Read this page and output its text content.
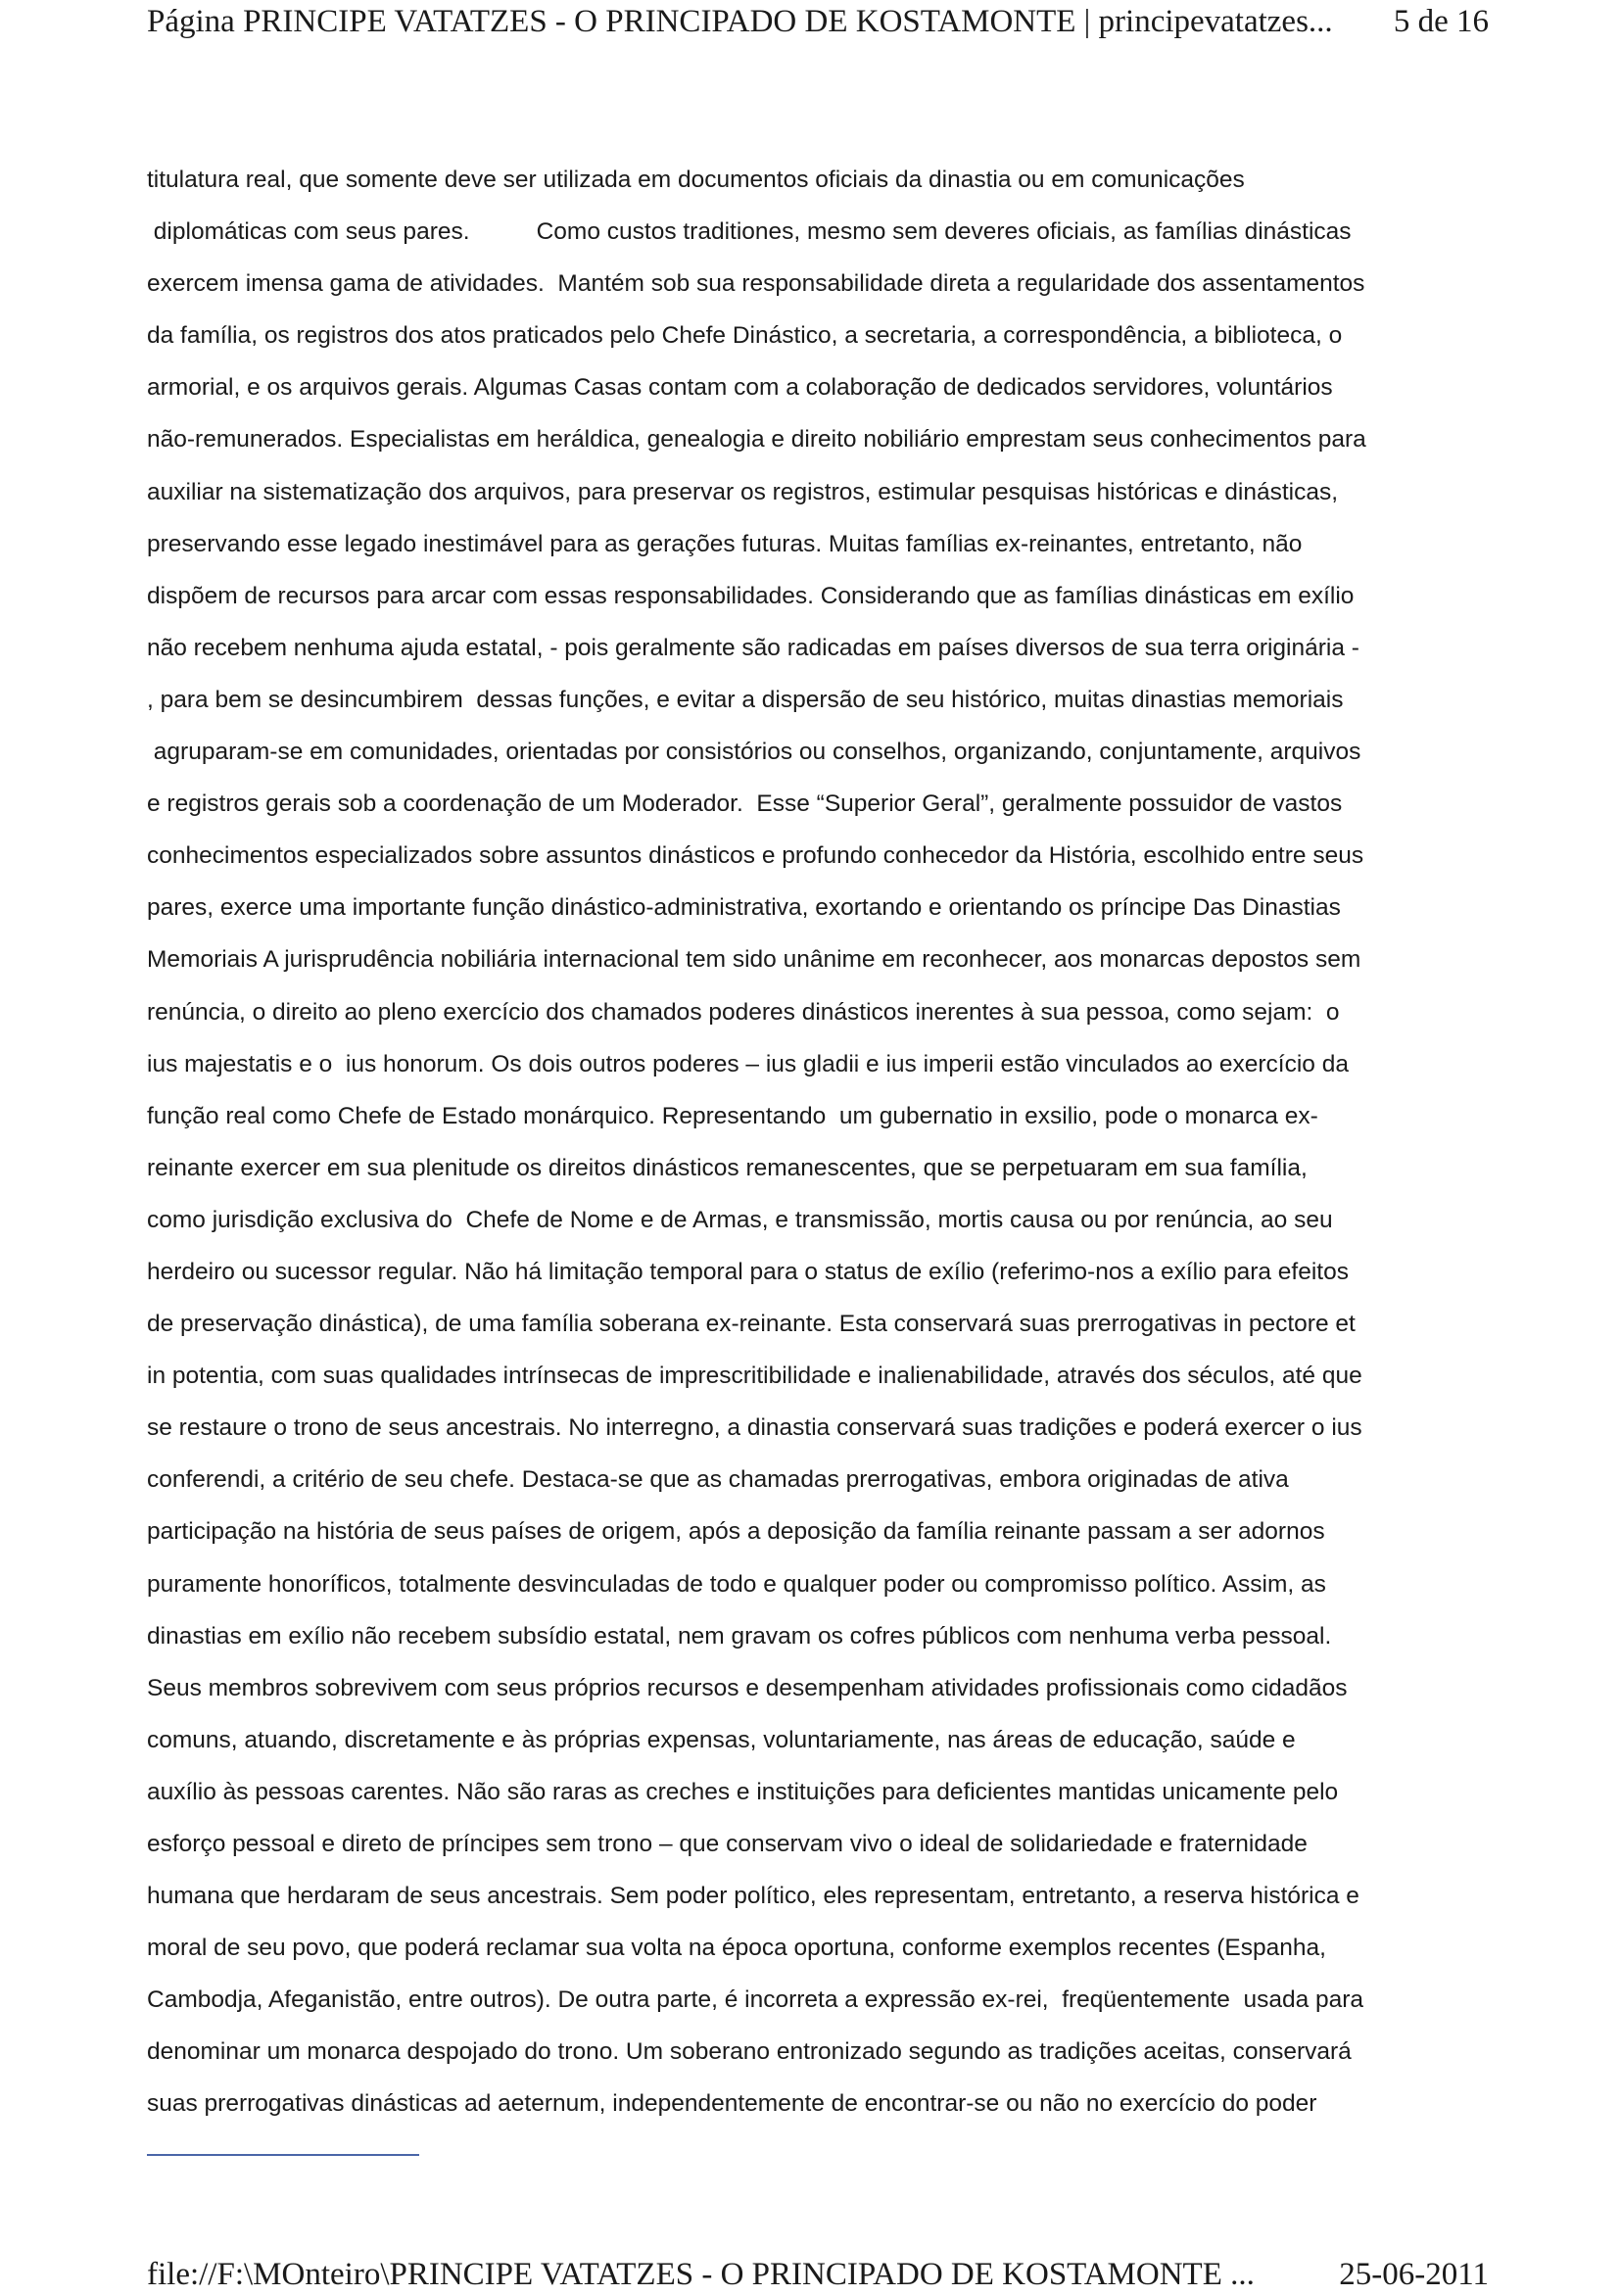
Página PRINCIPE VATATZES - O PRINCIPADO DE KOSTAMONTE | principevatatzes... 5 de 16
titulatura real, que somente deve ser utilizada em documentos oficiais da dinastia ou em comunicações
diplomáticas com seus pares.          Como custos traditiones, mesmo sem deveres oficiais, as famílias dinásticas
exercem imensa gama de atividades.  Mantém sob sua responsabilidade direta a regularidade dos assentamentos
da família, os registros dos atos praticados pelo Chefe Dinástico, a secretaria, a correspondência, a biblioteca, o
armorial, e os arquivos gerais. Algumas Casas contam com a colaboração de dedicados servidores, voluntários
não-remunerados. Especialistas em heráldica, genealogia e direito nobiliário emprestam seus conhecimentos para
auxiliar na sistematização dos arquivos, para preservar os registros, estimular pesquisas históricas e dinásticas,
preservando esse legado inestimável para as gerações futuras. Muitas famílias ex-reinantes, entretanto, não
dispõem de recursos para arcar com essas responsabilidades. Considerando que as famílias dinásticas em exílio
não recebem nenhuma ajuda estatal, - pois geralmente são radicadas em países diversos de sua terra originária -
, para bem se desincumbirem  dessas funções, e evitar a dispersão de seu histórico, muitas dinastias memoriais
agruparam-se em comunidades, orientadas por consistórios ou conselhos, organizando, conjuntamente, arquivos
e registros gerais sob a coordenação de um Moderador.  Esse “Superior Geral”, geralmente possuidor de vastos
conhecimentos especializados sobre assuntos dinásticos e profundo conhecedor da História, escolhido entre seus
pares, exerce uma importante função dinástico-administrativa, exortando e orientando os príncipe Das Dinastias
Memoriais A jurisprudência nobiliária internacional tem sido unânime em reconhecer, aos monarcas depostos sem
renúncia, o direito ao pleno exercício dos chamados poderes dinásticos inerentes à sua pessoa, como sejam:  o
ius majestatis e o  ius honorum. Os dois outros poderes – ius gladii e ius imperii estão vinculados ao exercício da
função real como Chefe de Estado monárquico. Representando  um gubernatio in exsilio, pode o monarca ex-
reinante exercer em sua plenitude os direitos dinásticos remanescentes, que se perpetuaram em sua família,
como jurisdição exclusiva do  Chefe de Nome e de Armas, e transmissão, mortis causa ou por renúncia, ao seu
herdeiro ou sucessor regular. Não há limitação temporal para o status de exílio (referimo-nos a exílio para efeitos
de preservação dinástica), de uma família soberana ex-reinante. Esta conservará suas prerrogativas in pectore et
in potentia, com suas qualidades intrínsecas de imprescritibilidade e inalienabilidade, através dos séculos, até que
se restaure o trono de seus ancestrais. No interregno, a dinastia conservará suas tradições e poderá exercer o ius
conferendi, a critério de seu chefe. Destaca-se que as chamadas prerrogativas, embora originadas de ativa
participação na história de seus países de origem, após a deposição da família reinante passam a ser adornos
puramente honoríficos, totalmente desvinculadas de todo e qualquer poder ou compromisso político. Assim, as
dinastias em exílio não recebem subsídio estatal, nem gravam os cofres públicos com nenhuma verba pessoal.
Seus membros sobrevivem com seus próprios recursos e desempenham atividades profissionais como cidadãos
comuns, atuando, discretamente e às próprias expensas, voluntariamente, nas áreas de educação, saúde e
auxílio às pessoas carentes. Não são raras as creches e instituições para deficientes mantidas unicamente pelo
esforço pessoal e direto de príncipes sem trono – que conservam vivo o ideal de solidariedade e fraternidade
humana que herdaram de seus ancestrais. Sem poder político, eles representam, entretanto, a reserva histórica e
moral de seu povo, que poderá reclamar sua volta na época oportuna, conforme exemplos recentes (Espanha,
Cambodja, Afeganistão, entre outros). De outra parte, é incorreta a expressão ex-rei,  freqüentemente  usada para
denominar um monarca despojado do trono. Um soberano entronizado segundo as tradições aceitas, conservará
suas prerrogativas dinásticas ad aeternum, independentemente de encontrar-se ou não no exercício do poder
file://F:\MOnteiro\PRINCIPE VATATZES - O PRINCIPADO DE KOSTAMONTE ...	25-06-2011
